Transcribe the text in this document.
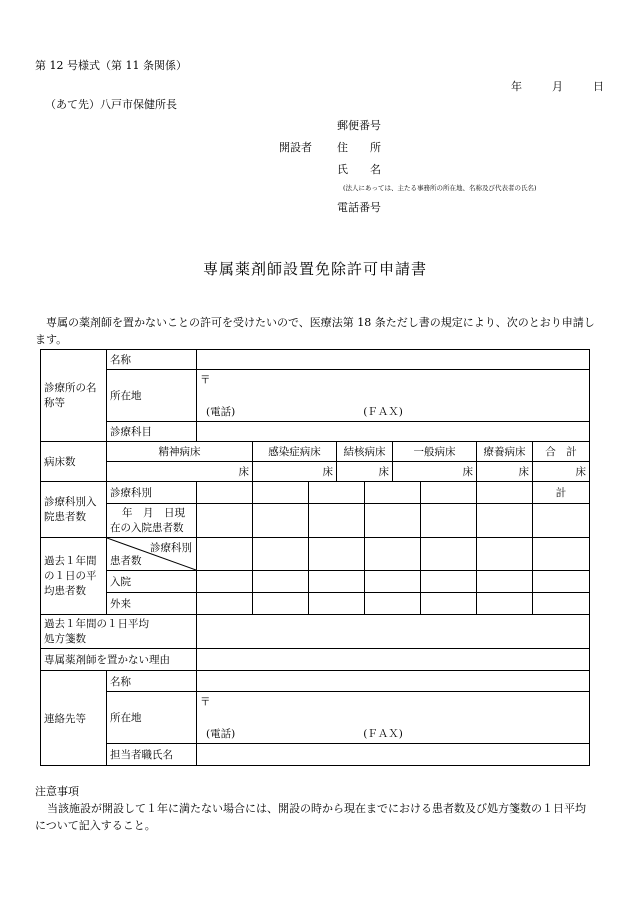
第 12 号様式（第 11 条関係）
年	月	日
（あて先）八戸市保健所長
郵便番号
開設者 住　　所
氏　　名
(法人にあっては、主たる事務所の所在地、名称及び代表者の氏名)
電話番号
専属薬剤師設置免除許可申請書
　専属の薬剤師を置かないことの許可を受けたいので、医療法第 18 条ただし書の規定により、次のとおり申請します。
診療所の名称等	名称									
	所在地	〒								
		(電話) (ＦＡＸ)								
	診療科目									
病床数	精神病床		感染症病床		結核病床		一般病床		療養病床	合　計
	床		床		床		床		床	床
診療科別入院患者数	診療科別									計

	年　月　日現
在の入院患者数									

過去１年間の１日の平均患者数	診療科別
患者数									

	入院									
	外来									

過去１年間の１日平均
処方箋数										

専属薬剤師を置かない理由										
連絡先等	名称									
	所在地	〒								
		(電話) (ＦＡＸ)								
	担当者職氏名									
注意事項
当該施設が開設して１年に満たない場合には、開設の時から現在までにおける患者数及び処方箋数の１日平均について記入すること。
